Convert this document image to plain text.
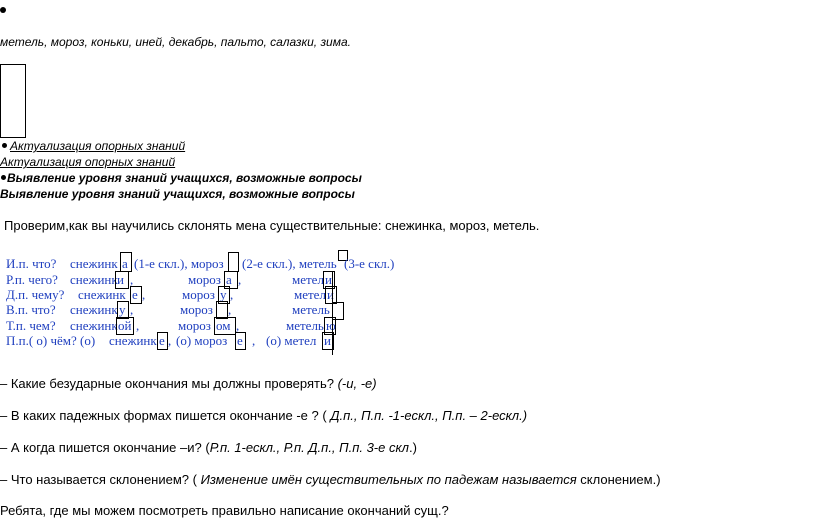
метель, мороз, коньки, иней, декабрь, пальто, салазки, зима.
Актуализация опорных знаний
Актуализация опорных знаний
Выявление уровня знаний учащихся, возможные вопросы
Выявление уровня знаний учащихся, возможные вопросы
Проверим,как вы научились склонять мена существительные: снежинка, мороз, метель.
И.п. что? снежинк а (1-е скл.), мороз (2-е скл.), метель (3-е скл.)
Р.п. чего? снежинк и ,	мороз а ,	метел и
Д.п. чему? снежинк е ,	мороз у ,	метел и
В.п. что? снежинк у ,	мороз ,	метель
Т.п. чем? снежинк ой ,	мороз ом ,	метель ю
П.п.( о) чём? (о) снежинк е , (о) мороз е , (о) метел и
– Какие безударные окончания мы должны проверять? (-и, -е)
– В каких падежных формах пишется окончание -е ? ( Д.п., П.п. -1-ескл., П.п. – 2-ескл.)
– А когда пишется окончание –и? (Р.п. 1-ескл., Р.п. Д.п., П.п. 3-е скл.)
– Что называется склонением? ( Изменение имён существительных по падежам называется склонением.)
Ребята, где мы можем посмотреть правильно написание окончаний сущ.?
